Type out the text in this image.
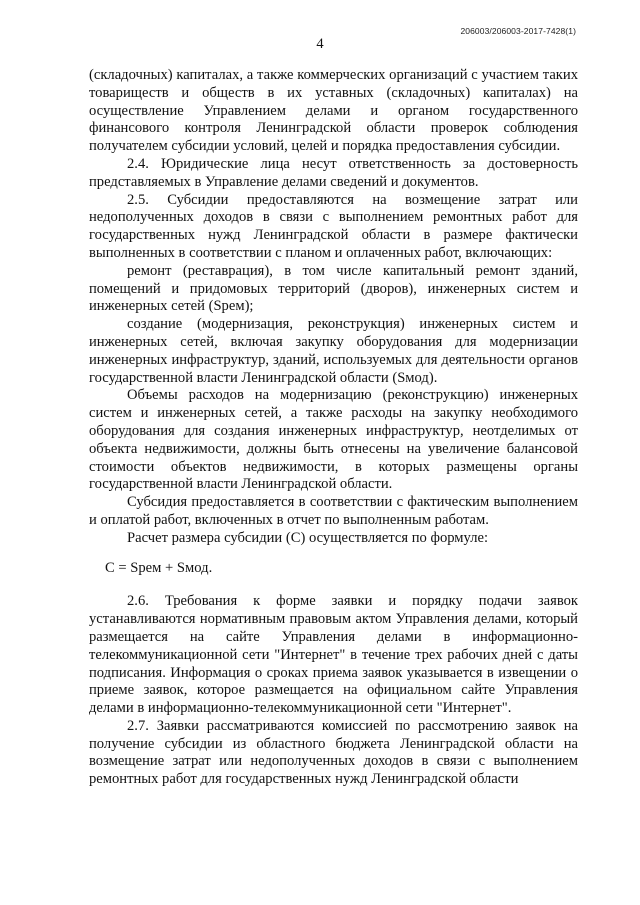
206003/206003-2017-7428(1)
4

(складочных) капиталах, а также коммерческих организаций с участием таких товариществ и обществ в их уставных (складочных) капиталах) на осуществление Управлением делами и органом государственного финансового контроля Ленинградской области проверок соблюдения получателем субсидии условий, целей и порядка предоставления субсидии.

2.4. Юридические лица несут ответственность за достоверность представляемых в Управление делами сведений и документов.

2.5. Субсидии предоставляются на возмещение затрат или недополученных доходов в связи с выполнением ремонтных работ для государственных нужд Ленинградской области в размере фактически выполненных в соответствии с планом и оплаченных работ, включающих:

ремонт (реставрация), в том числе капитальный ремонт зданий, помещений и придомовых территорий (дворов), инженерных систем и инженерных сетей (Sрем);

создание (модернизация, реконструкция) инженерных систем и инженерных сетей, включая закупку оборудования для модернизации инженерных инфраструктур, зданий, используемых для деятельности органов государственной власти Ленинградской области (Sмод).

Объемы расходов на модернизацию (реконструкцию) инженерных систем и инженерных сетей, а также расходы на закупку необходимого оборудования для создания инженерных инфраструктур, неотделимых от объекта недвижимости, должны быть отнесены на увеличение балансовой стоимости объектов недвижимости, в которых размещены органы государственной власти Ленинградской области.

Субсидия предоставляется в соответствии с фактическим выполнением и оплатой работ, включенных в отчет по выполненным работам.

Расчет размера субсидии (С) осуществляется по формуле:

С = Sрем + Sмод.

2.6. Требования к форме заявки и порядку подачи заявок устанавливаются нормативным правовым актом Управления делами, который размещается на сайте Управления делами в информационно-телекоммуникационной сети "Интернет" в течение трех рабочих дней с даты подписания. Информация о сроках приема заявок указывается в извещении о приеме заявок, которое размещается на официальном сайте Управления делами в информационно-телекоммуникационной сети "Интернет".

2.7. Заявки рассматриваются комиссией по рассмотрению заявок на получение субсидии из областного бюджета Ленинградской области на возмещение затрат или недополученных доходов в связи с выполнением ремонтных работ для государственных нужд Ленинградской области
